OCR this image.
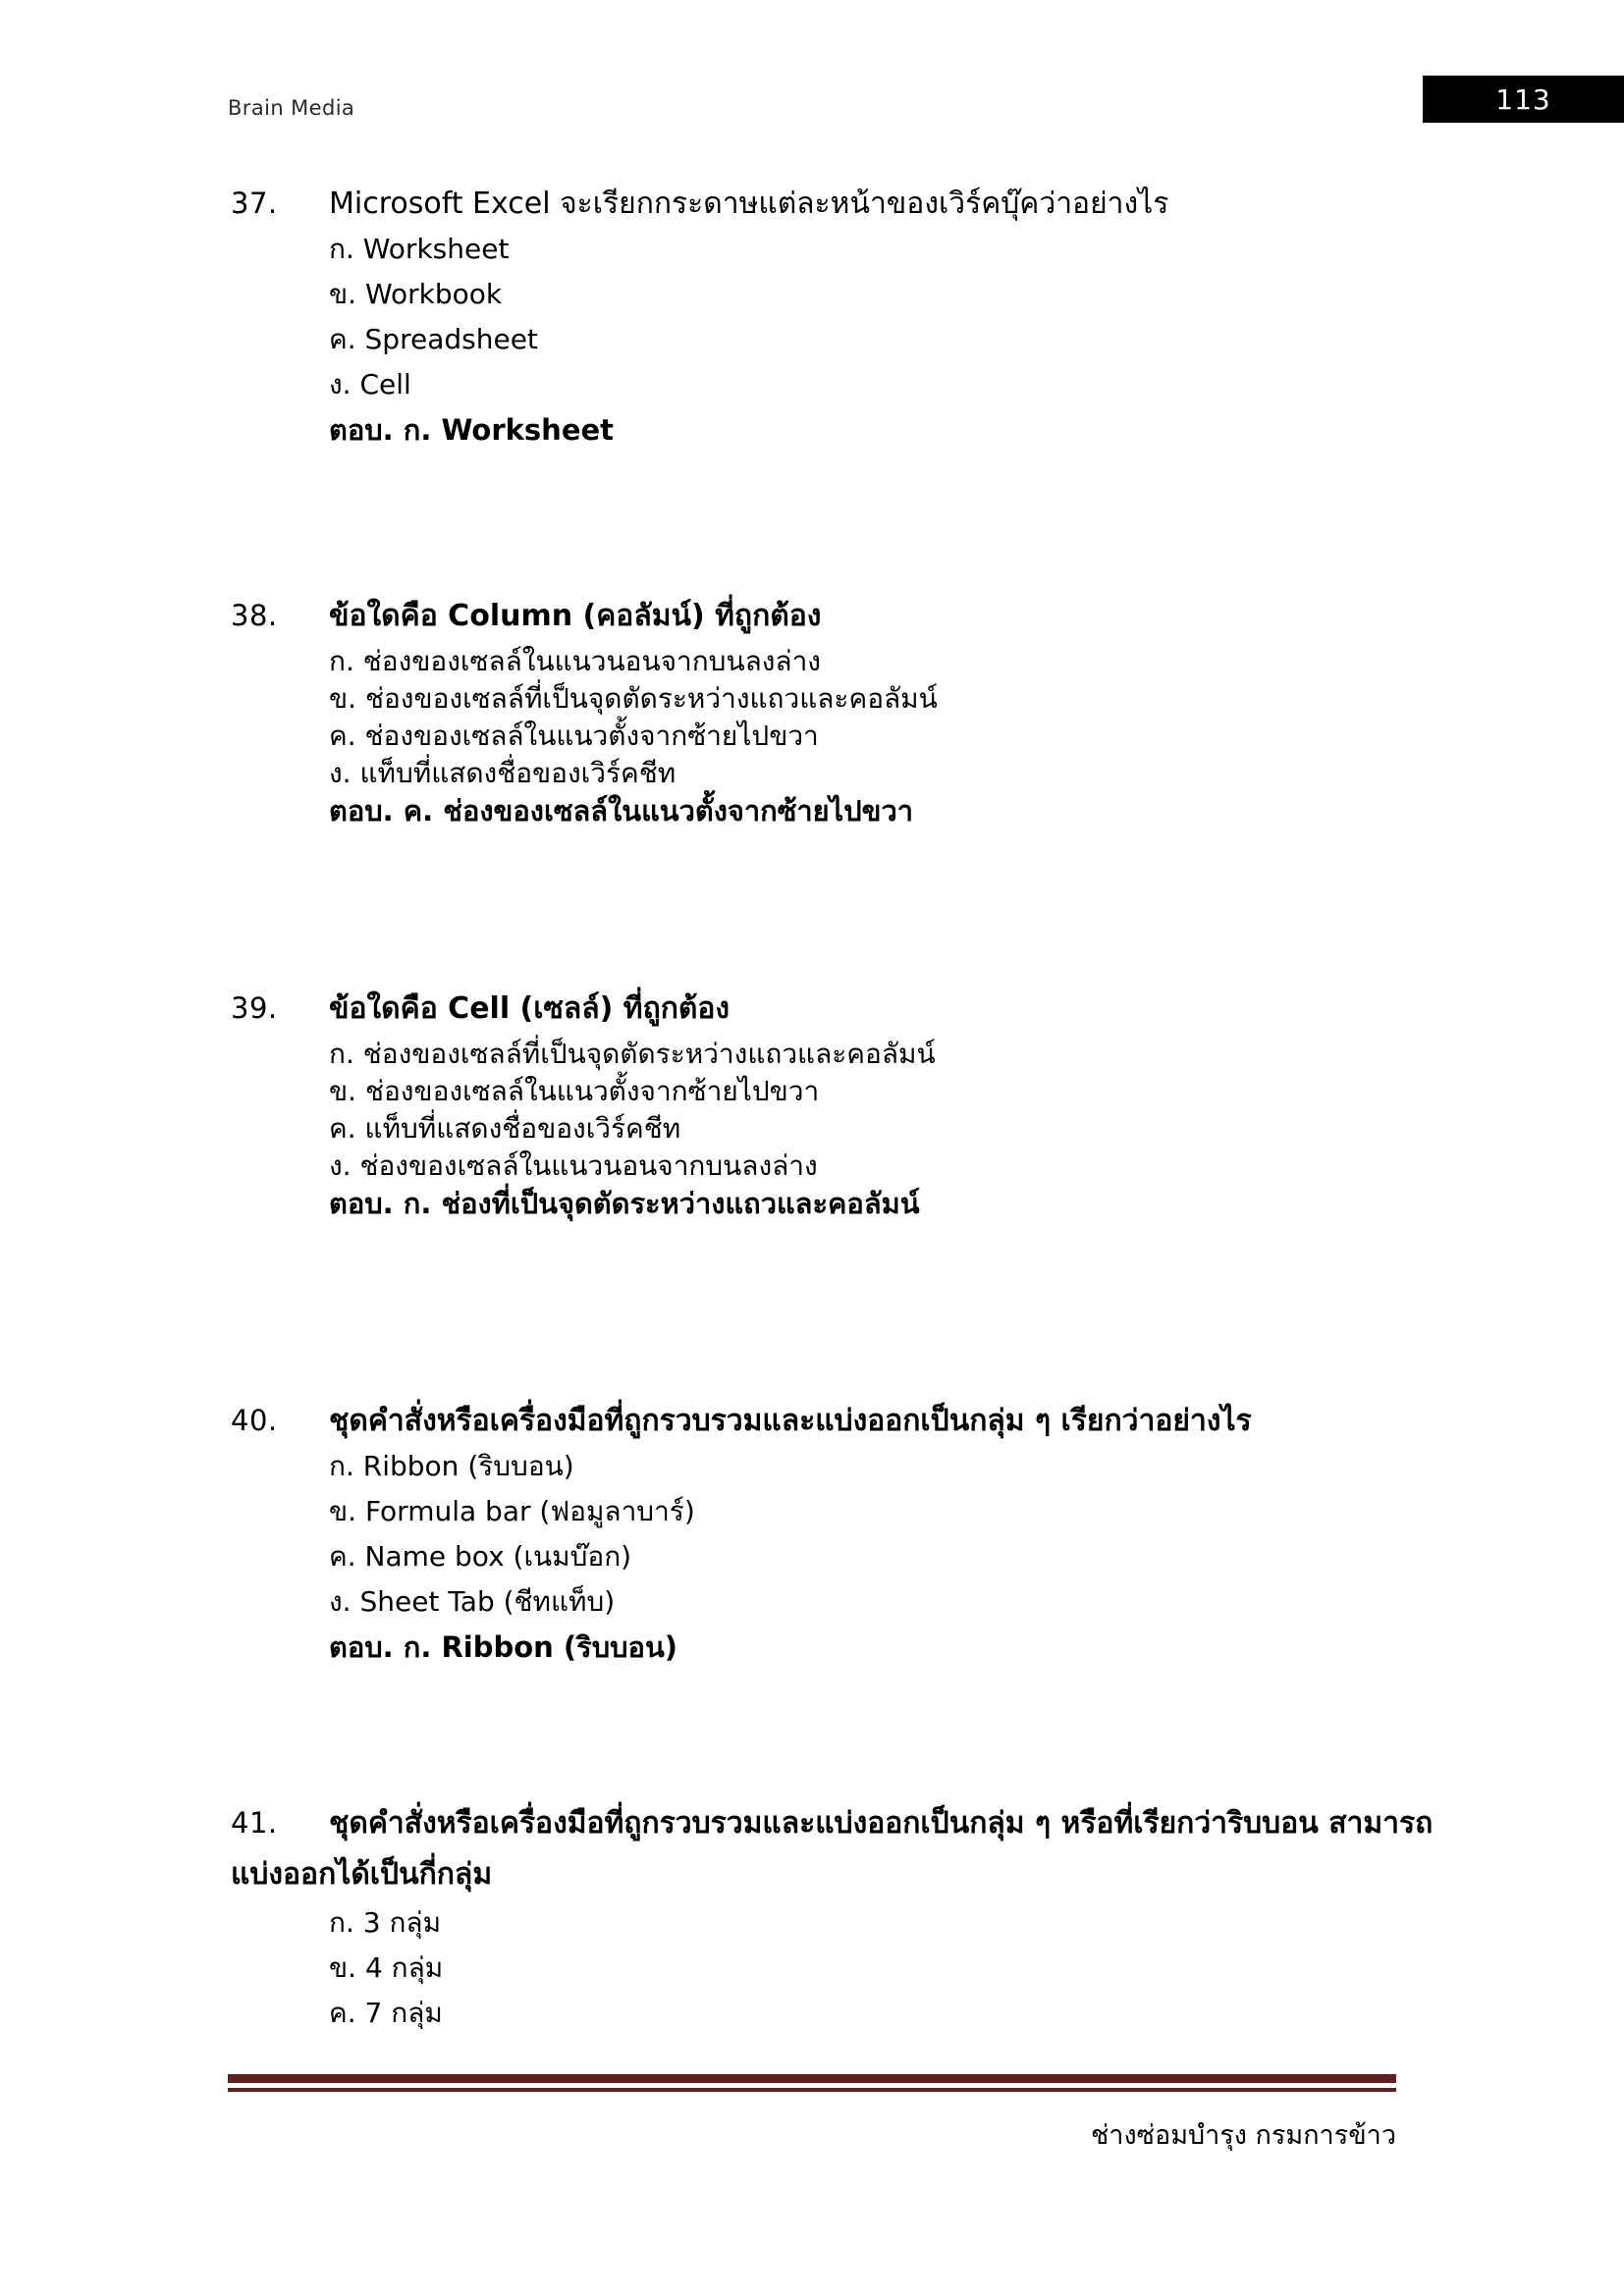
Brain Media	113
37. Microsoft Excel จะเรียกกระดาษแต่ละหน้าของเวิร์คบุ๊คว่าอย่างไร
ก. Worksheet
ข. Workbook
ค. Spreadsheet
ง. Cell
ตอบ. ก. Worksheet
38. ข้อใดคือ Column (คอลัมน์) ที่ถูกต้อง
ก. ช่องของเซลล์ในแนวนอนจากบนลงล่าง
ข. ช่องของเซลล์ที่เป็นจุดตัดระหว่างแถวและคอลัมน์
ค. ช่องของเซลล์ในแนวตั้งจากซ้ายไปขวา
ง. แท็บที่แสดงชื่อของเวิร์คชีท
ตอบ. ค. ช่องของเซลล์ในแนวตั้งจากซ้ายไปขวา
39. ข้อใดคือ Cell (เซลล์) ที่ถูกต้อง
ก. ช่องของเซลล์ที่เป็นจุดตัดระหว่างแถวและคอลัมน์
ข. ช่องของเซลล์ในแนวตั้งจากซ้ายไปขวา
ค. แท็บที่แสดงชื่อของเวิร์คชีท
ง. ช่องของเซลล์ในแนวนอนจากบนลงล่าง
ตอบ. ก. ช่องที่เป็นจุดตัดระหว่างแถวและคอลัมน์
40. ชุดคำสั่งหรือเครื่องมือที่ถูกรวบรวมและแบ่งออกเป็นกลุ่ม ๆ เรียกว่าอย่างไร
ก. Ribbon (ริบบอน)
ข. Formula bar (ฟอมูลาบาร์)
ค. Name box (เนมบ๊อก)
ง. Sheet Tab (ชีทแท็บ)
ตอบ. ก. Ribbon (ริบบอน)
41. ชุดคำสั่งหรือเครื่องมือที่ถูกรวบรวมและแบ่งออกเป็นกลุ่ม ๆ หรือที่เรียกว่าริบบอน สามารถ
แบ่งออกได้เป็นกี่กลุ่ม
ก. 3 กลุ่ม
ข. 4 กลุ่ม
ค. 7 กลุ่ม
ช่างซ่อมบำรุง กรมการข้าว
